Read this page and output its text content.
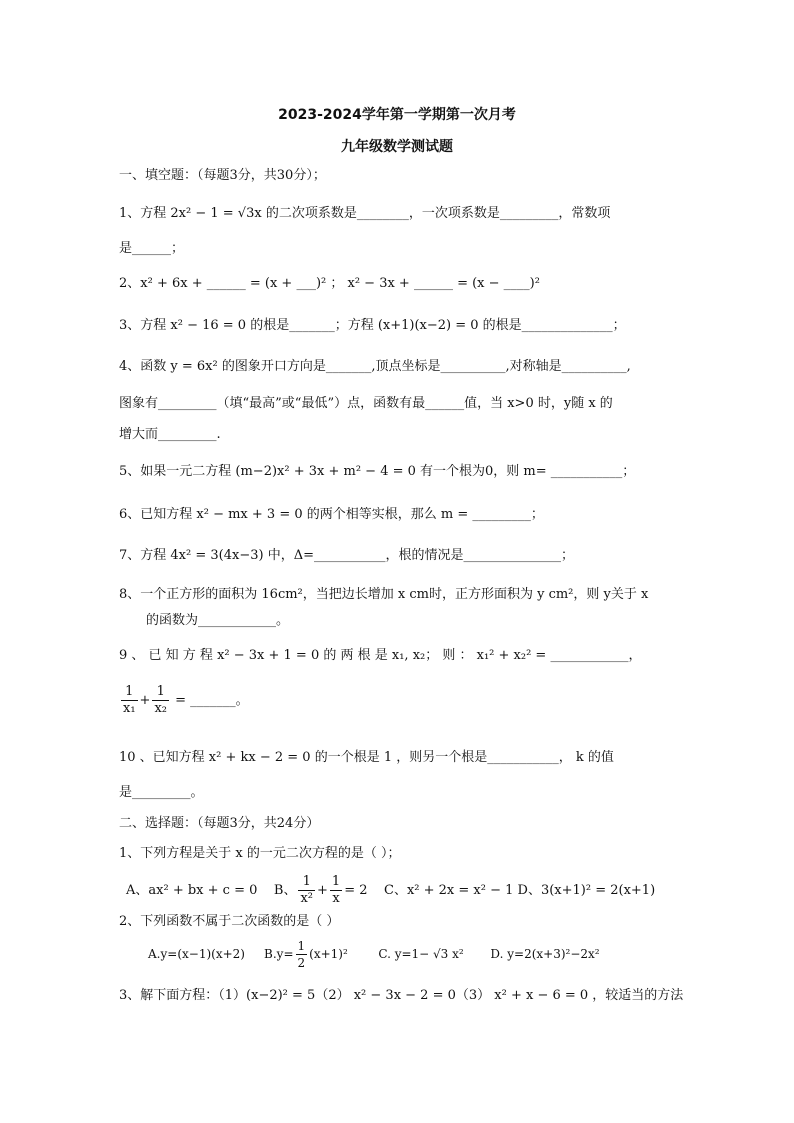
2023-2024学年第一学期第一次月考
九年级数学测试题
一、填空题：（每题3分，共30分）；
1、方程 2x² − 1 = √3x 的二次项系数是________，一次项系数是_________，常数项
是______；
2、x² + 6x + ______ = (x + ___)² ； x² − 3x + ______ = (x − ____)²
3、方程 x² − 16 = 0 的根是_______；方程 (x+1)(x−2) = 0 的根是______________；
4、函数 y = 6x² 的图象开口方向是_______,顶点坐标是__________,对称轴是__________,
图象有_________（填“最高”或“最低”）点，函数有最______值，当 x>0 时，y随 x 的
增大而_________.
5、如果一元二方程 (m−2)x² + 3x + m² − 4 = 0 有一个根为0，则 m= ___________；
6、已知方程 x² − mx + 3 = 0 的两个相等实根，那么 m = _________；
7、方程 4x² = 3(4x−3) 中，Δ=___________，根的情况是_______________；
8、一个正方形的面积为 16cm²，当把边长增加 x cm时，正方形面积为 y cm²，则 y关于 x
的函数为____________。
9 、 已 知 方 程 x² − 3x + 1 = 0 的 两 根 是 x₁, x₂； 则 ： x₁² + x₂² = ____________，
$\frac{1}{\text{x₁}} + \frac{1}{\text{x₂}}$ = _______。
10 、已知方程 x² + kx − 2 = 0 的一个根是 1 ，则另一个根是___________， k 的值
是_________。
二、选择题：（每题3分，共24分）
1、下列方程是关于 x 的一元二次方程的是（ ）；
A、ax² + bx + c = 0 B、 $\frac{1}{\text{x²}} + \frac{1}{x} = 2$ C、x² + 2x = x² − 1 D、3(x+1)² = 2(x+1)
2、下列函数不属于二次函数的是（ ）
A.y=(x−1)(x+2) $B.y= \frac{1}{2} (x+1)^2$	C. y=1− √3 x² D. y=2(x+3)²−2x²
3、解下面方程：（1）(x−2)² = 5（2） x² − 3x − 2 = 0（3） x² + x − 6 = 0 ，较适当的方法
